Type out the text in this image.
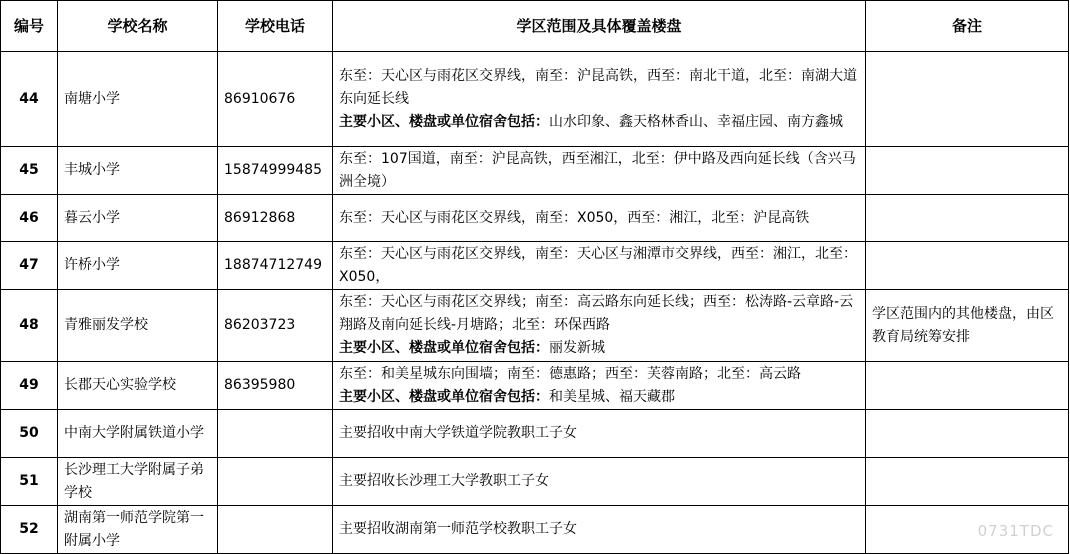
编号	学校名称	学校电话	学区范围及具体覆盖楼盘	备注
44	南塘小学	86910676	东至：天心区与雨花区交界线，南至：沪昆高铁，西至：南北干道，北至：南湖大道东向延长线
主要小区、楼盘或单位宿舍包括：山水印象、鑫天格林香山、幸福庄园、南方鑫城	

45	丰城小学	15874999485	东至：107国道，南至：沪昆高铁，西至湘江，北至：伊中路及西向延长线（含兴马洲全境）	

46	暮云小学	86912868	东至：天心区与雨花区交界线，南至：X050，西至：湘江，北至：沪昆高铁	

47	许桥小学	18874712749	东至：天心区与雨花区交界线，南至：天心区与湘潭市交界线，西至：湘江，北至：X050，	

48	青雅丽发学校	86203723	东至：天心区与雨花区交界线；南至：高云路东向延长线；西至：松涛路-云章路-云翔路及南向延长线-月塘路；北至：环保西路
主要小区、楼盘或单位宿舍包括：丽发新城	学区范围内的其他楼盘，由区教育局统筹安排
49	长郡天心实验学校	86395980	东至：和美星城东向围墙；南至：德惠路；西至：芙蓉南路；北至：高云路
主要小区、楼盘或单位宿舍包括：和美星城、福天藏郡	

50	中南大学附属铁道小学		主要招收中南大学铁道学院教职工子女	

51	长沙理工大学附属子弟学校		主要招收长沙理工大学教职工子女	

52	湖南第一师范学院第一附属小学		主要招收湖南第一师范学校教职工子女	
		0731TDC
